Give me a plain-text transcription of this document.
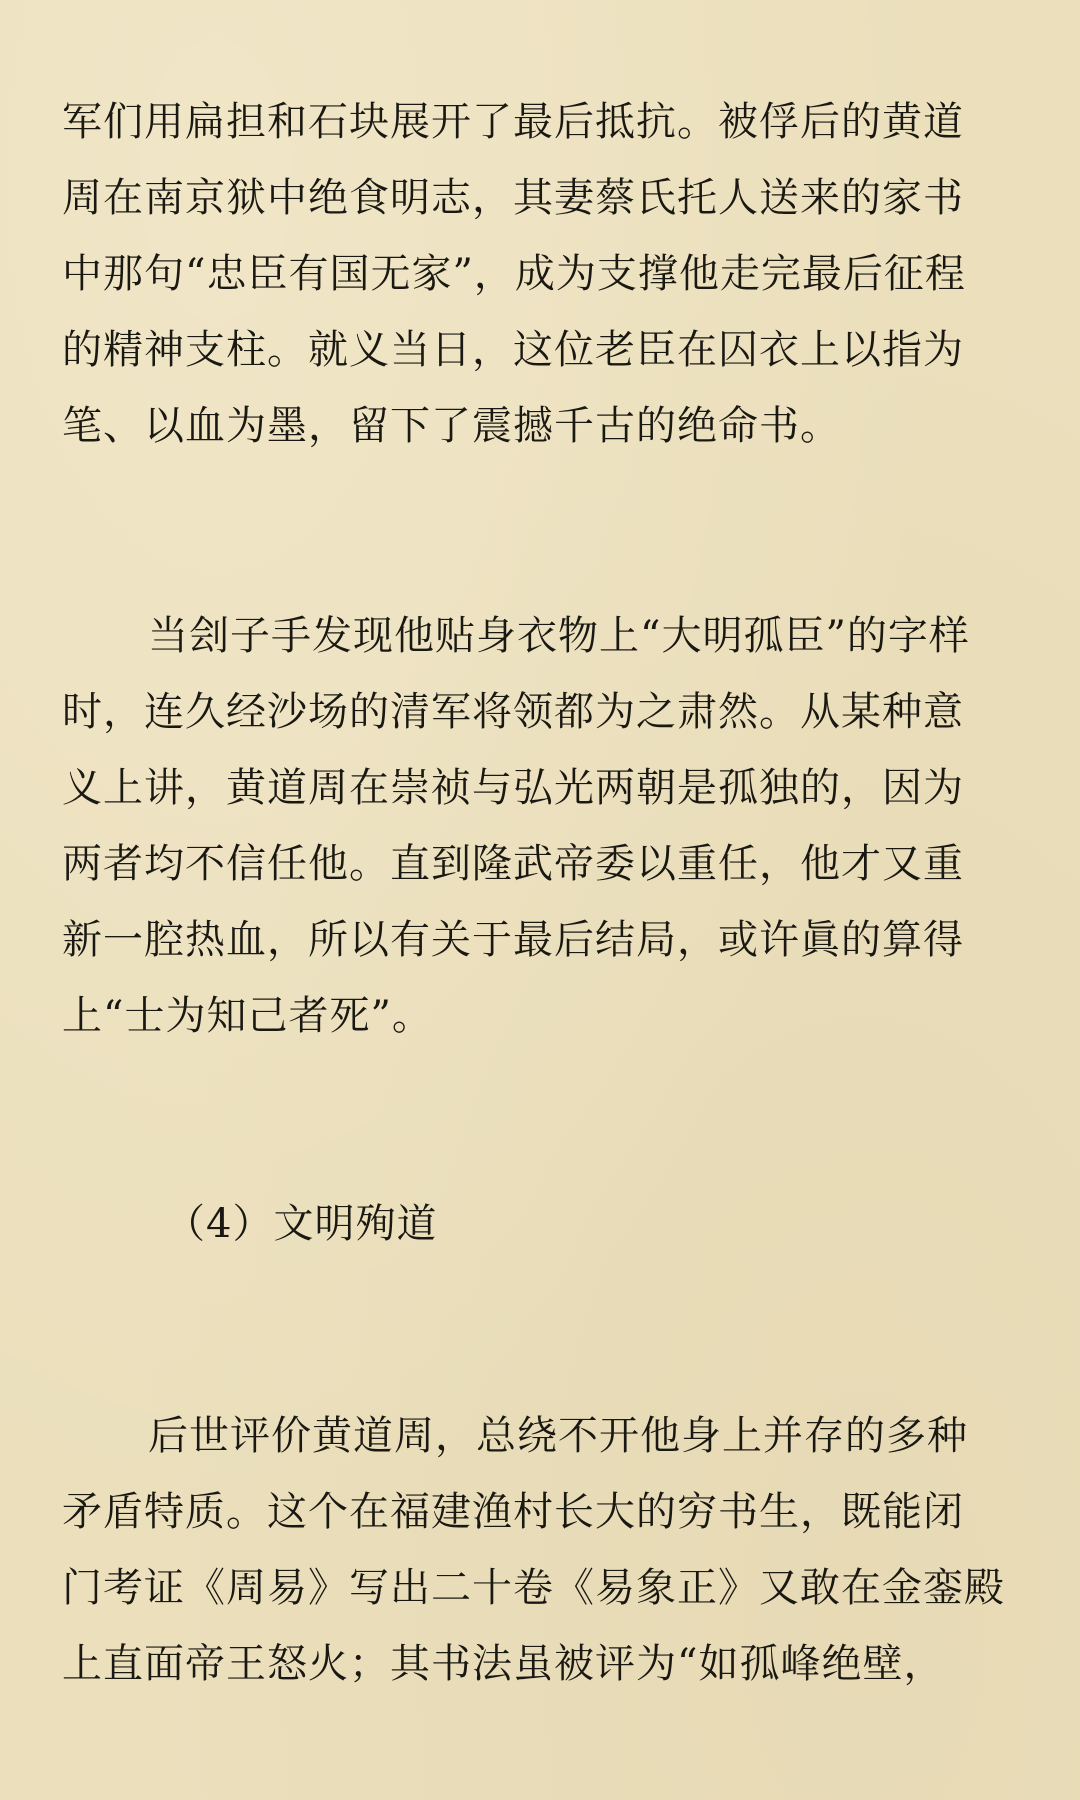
军们用扁担和石块展开了最后抵抗。被俘后的黄道
周在南京狱中绝食明志，其妻蔡氏托人送来的家书
中那句“忠臣有国无家”，成为支撑他走完最后征程
的精神支柱。就义当日，这位老臣在囚衣上以指为
笔、以血为墨，留下了震撼千古的绝命书。
当刽子手发现他贴身衣物上“大明孤臣”的字样
时，连久经沙场的清军将领都为之肃然。从某种意
义上讲，黄道周在崇祯与弘光两朝是孤独的，因为
两者均不信任他。直到隆武帝委以重任，他才又重
新一腔热血，所以有关于最后结局，或许眞的算得
上“士为知己者死”。
（4）文明殉道
后世评价黄道周，总绕不开他身上并存的多种
矛盾特质。这个在福建渔村长大的穷书生，既能闭
门考证《周易》写出二十卷《易象正》又敢在金銮殿
上直面帝王怒火；其书法虽被评为“如孤峰绝壁，
